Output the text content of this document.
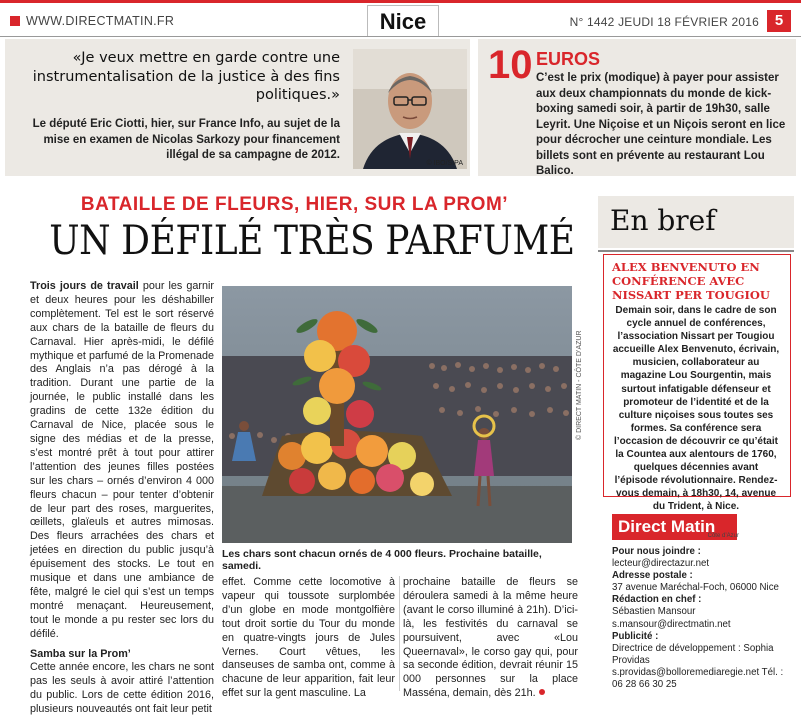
WWW.DIRECTMATIN.FR	Nice	N° 1442 JEUDI 18 FÉVRIER 2016	5
«Je veux mettre en garde contre une instrumentalisation de la justice à des fins politiques.»
Le député Eric Ciotti, hier, sur France Info, au sujet de la mise en examen de Nicolas Sarkozy pour financement illégal de sa campagne de 2012.
© IBO/SIPA
10 EUROS
C’est le prix (modique) à payer pour assister aux deux championnats du monde de kick-boxing samedi soir, à partir de 19h30, salle Leyrit. Une Niçoise et un Niçois seront en lice pour décrocher une ceinture mondiale. Les billets sont en prévente au restaurant Lou Balico.
BATAILLE DE FLEURS, HIER, SUR LA PROM’
UN DÉFILÉ TRÈS PARFUMÉ
Trois jours de travail pour les garnir et deux heures pour les déshabiller complètement. Tel est le sort réservé aux chars de la bataille de fleurs du Carnaval. Hier après-midi, le défilé mythique et parfumé de la Promenade des Anglais n’a pas dérogé à la tradition. Durant une partie de la journée, le public installé dans les gradins de cette 132e édition du Carnaval de Nice, placée sous le signe des médias et de la presse, s’est montré prêt à tout pour attirer l’attention des jeunes filles postées sur les chars – ornés d’environ 4 000 fleurs chacun – pour tenter d’obtenir de leur part des roses, marguerites, œillets, glaïeuls et autres mimosas. Des fleurs arrachées des chars et jetées en direction du public jusqu’à épuisement des stocks. Le tout en musique et dans une ambiance de fête, malgré le ciel qui s’est un temps montré menaçant. Heureusement, tout le monde a pu rester sec lors du défilé.
Samba sur la Prom’
Cette année encore, les chars ne sont pas les seuls à avoir attiré l’attention du public. Lors de cette édition 2016, plusieurs nouveautés ont fait leur petit
© DIRECT MATIN - CÔTE D’AZUR
Les chars sont chacun ornés de 4 000 fleurs. Prochaine bataille, samedi.
effet. Comme cette locomotive à vapeur qui toussote surplombée d’un globe en mode montgolfière tout droit sortie du Tour du monde en quatre-vingts jours de Jules Vernes. Court vêtues, les danseuses de samba ont, comme à chacune de leur apparition, fait leur effet sur la gent masculine. La
prochaine bataille de fleurs se déroulera samedi à la même heure (avant le corso illuminé à 21h). D’ici-là, les festivités du carnaval se poursuivent, avec «Lou Queernaval», le corso gay qui, pour sa seconde édition, devrait réunir 15 000 personnes sur la place Masséna, demain, dès 21h.
En bref
ALEX BENVENUTO EN CONFÉRENCE AVEC NISSART PER TOUGIOU
Demain soir, dans le cadre de son cycle annuel de conférences, l’association Nissart per Tougiou accueille Alex Benvenuto, écrivain, musicien, collaborateur au magazine Lou Sourgentin, mais surtout infatigable défenseur et promoteur de l’identité et de la culture niçoises sous toutes ses formes. Sa conférence sera l’occasion de découvrir ce qu’était la Countea aux alentours de 1760, quelques décennies avant l’épisode révolutionnaire. Rendez-vous demain, à 18h30, 14, avenue du Trident, à Nice.
Direct Matin
Côte d’Azur
Pour nous joindre :
lecteur@directazur.net
Adresse postale :
37 avenue Maréchal-Foch, 06000 Nice
Rédaction en chef :
Sébastien Mansour s.mansour@directmatin.net
Publicité :
Directrice de développement : Sophia Providas s.providas@bolloremediaregie.net Tél. : 06 28 66 30 25
